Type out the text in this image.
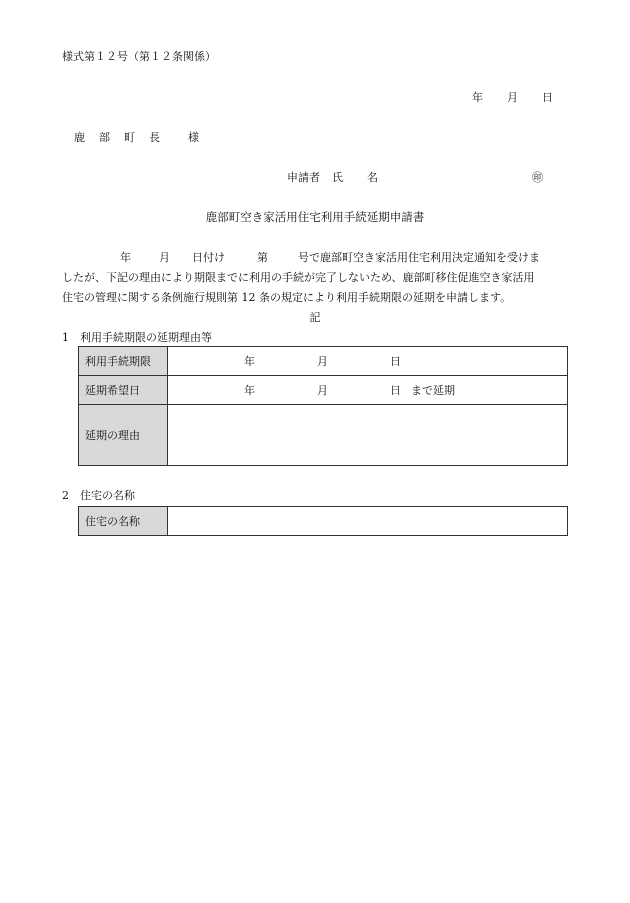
様式第１２号（第１２条関係）
年 月 日
鹿 部 町 長	様
申請者 氏 名	㊞
鹿部町空き家活用住宅利用手続延期申請書
年	月 日付け	第	号で鹿部町空き家活用住宅利用決定通知を受けま
したが、下記の理由により期限までに利用の手続が完了しないため、鹿部町移住促進空き家活用
住宅の管理に関する条例施行規則第 12 条の規定により利用手続期限の延期を申請します。
記
1　利用手続期限の延期理由等
利用手続期限	年 月 日
延期希望日	年 月 日 まで延期
延期の理由	
2　住宅の名称
住宅の名称	
